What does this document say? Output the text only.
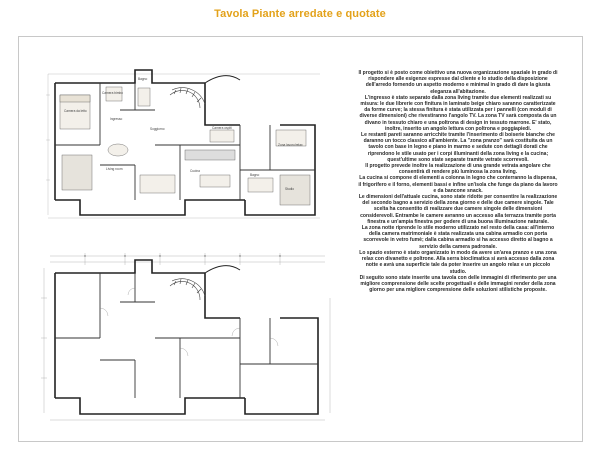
Tavola Piante arredate e quotate
Bagno
Camera bimbo
Camera da letto
Ingresso
Soggiorno	Camera ospiti
Zona lavoro/relax
Living room	Cucina
Studio
Bagno

Il progetto si è posto come obiettivo una nuova organizzazione spaziale in grado di rispondere alle esigenze espresse dal cliente e lo studio della disposizione dell'arredo fornendo un aspetto moderno e minimal in grado di dare la giusta eleganza all'abitazione.

L'ingresso è stato separato dalla zona living tramite due elementi realizzati su misura: le due librerie con finitura in laminato beige chiaro saranno caratterizzate da forme curve; la stessa finitura è stata utilizzata per i pannelli (con moduli di diverse dimensioni) che rivestiranno l'angolo TV. La zona TV sarà composta da un divano in tessuto chiaro e una poltrona di design in tessuto marrone. E' stato, inoltre, inserito un angolo lettura con poltrona e poggiapiedi.

Le restanti pareti saranno arricchite tramite l'inserimento di boiserie bianche che daranno un tocco classico all'ambiente. La "zona pranzo" sarà costituita da un tavolo con base in legno e piano in marmo e sedute con dettagli dorati che riprendono le stile usato per i corpi illuminanti della zona living e la cucina; quest'ultime sono state separate tramite vetrate scorrevoli.

Il progetto prevede inoltre la realizzazione di una grande vetrata angolare che consentirà di rendere più luminosa la zona living.

La cucina si compone di elementi a colonna in legno che conterranno la dispensa, il frigorifero e il forno, elementi bassi e infine un'isola che funge da piano da lavoro e da bancone snack.

Le dimensioni dell'attuale cucina, sono state ridotte per consentire la realizzazione del secondo bagno a servizio della zona giorno e delle due camere singole. Tale scelta ha consentito di realizzare due camere singole delle dimensioni considerevoli. Entrambe le camere avranno un accesso alla terrazza tramite porta finestra e un'ampia finestra per godere di una buona illuminazione naturale.

La zona notte riprende lo stile moderno utilizzato nel resto della casa: all'interno della camera matrimoniale è stata realizzata una cabina armadio con porta scorrevole in vetro fumè; dalla cabina armadio si ha accesso diretto al bagno a servizio della camera padronale.

Lo spazio esterno è stato organizzato in modo da avere un'area pranzo e una zona relax con divanetto e poltrone. Alla serra bioclimatica si avrà accesso dalla zona notte e avrà una superficie tale da poter inserire un angolo relax e un piccolo studio.

Di seguito sono state inserite una tavola con delle immagini di riferimento per una migliore comprensione delle scelte progettuali e delle immagini render della zona giorno per una migliore comprensione delle soluzioni stilistiche proposte.
